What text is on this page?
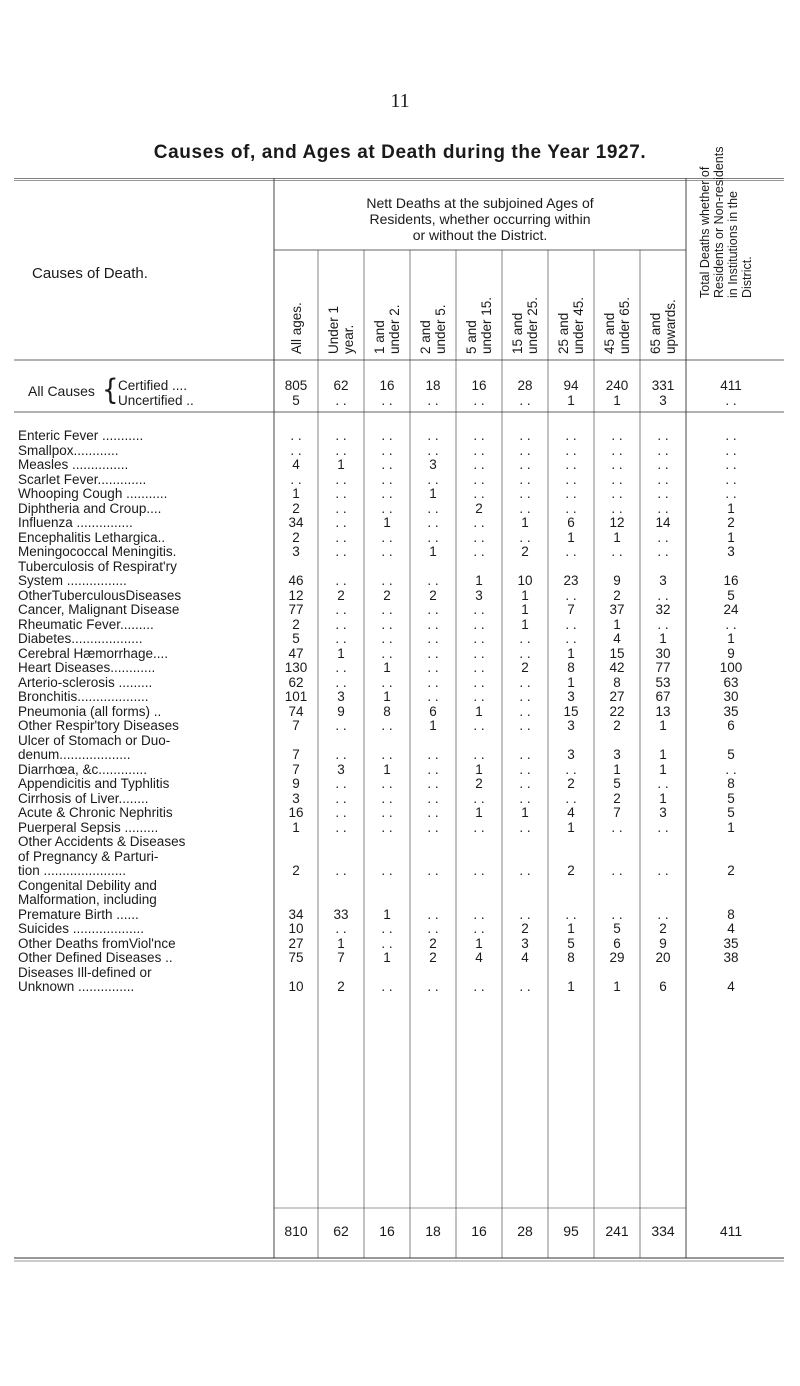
11
Causes of, and Ages at Death during the Year 1927.
Causes of Death.
Nett Deaths at the subjoined Ages of
Residents, whether occurring within
or without the District.
All ages. Under 1 year. 1 and under 2. 2 and under 5. 5 and under 15. 15 and under 25. 25 and under 45. 45 and under 65. 65 and upwards.
Total Deaths whether of Residents or Non-residents in Institutions in the District.
All Causes { Certified ....	805	62	16	18	16	28	94	240	331	411
Uncertified ..	5	. .	. .	. .	. .	. .	1	1	3	. .
Enteric Fever ...........	. .	. .	. .	. .	. .	. .	. .	. .	. .	. .
Smallpox............	. .	. .	. .	. .	. .	. .	. .	. .	. .	. .
Measles ...............	4	1	. .	3	. .	. .	. .	. .	. .	. .
Scarlet Fever.............	. .	. .	. .	. .	. .	. .	. .	. .	. .	. .
Whooping Cough ...........	1	. .	. .	1	. .	. .	. .	. .	. .	. .
Diphtheria and Croup....	2	. .	. .	. .	2	. .	. .	. .	. .	1
Influenza ...............	34	. .	1	. .	. .	1	6	12	14	2
Encephalitis Lethargica..	2	. .	. .	. .	. .	. .	1	1	. .	1
Meningococcal Meningitis.	3	. .	. .	1	. .	2	. .	. .	. .	3
Tuberculosis of Respirat'ry
System ................	46	. .	. .	. .	1	10	23	9	3	16
OtherTuberculousDiseases	12	2	2	2	3	1	. .	2	. .	5
Cancer, Malignant Disease	77	. .	. .	. .	. .	1	7	37	32	24
Rheumatic Fever.........	2	. .	. .	. .	. .	1	. .	1	. .	. .
Diabetes...................	5	. .	. .	. .	. .	. .	. .	4	1	1
Cerebral Hæmorrhage....	47	1	. .	. .	. .	. .	1	15	30	9
Heart Diseases............	130	. .	1	. .	. .	2	8	42	77	100
Arterio-sclerosis .........	62	. .	. .	. .	. .	. .	1	8	53	63
Bronchitis...................	101	3	1	. .	. .	. .	3	27	67	30
Pneumonia (all forms) ..	74	9	8	6	1	. .	15	22	13	35
Other Respir'tory Diseases	7	. .	. .	1	. .	. .	3	2	1	6
Ulcer of Stomach or Duo-
denum...................	7	. .	. .	. .	. .	. .	3	3	1	5
Diarrhœa, &c.............	7	3	1	. .	1	. .	. .	1	1	. .
Appendicitis and Typhlitis	9	. .	. .	. .	2	. .	2	5	. .	8
Cirrhosis of Liver........	3	. .	. .	. .	. .	. .	. .	2	1	5
Acute & Chronic Nephritis	16	. .	. .	. .	1	1	4	7	3	5
Puerperal Sepsis .........	1	. .	. .	. .	. .	. .	1	. .	. .	1
Other Accidents & Diseases
of Pregnancy & Parturi-
tion ......................	2	. .	. .	. .	. .	. .	2	. .	. .	2
Congenital Debility and
Malformation, including
Premature Birth ......	34	33	1	. .	. .	. .	. .	. .	. .	8
Suicides ...................	10	. .	. .	. .	. .	2	1	5	2	4
Other Deaths fromViol'nce	27	1	. .	2	1	3	5	6	9	35
Other Defined Diseases ..	75	7	1	2	4	4	8	29	20	38
Diseases Ill-defined or
Unknown ...............	10	2	. .	. .	. .	. .	1	1	6	4
810	62	16	18	16	28	95	241	334	411
